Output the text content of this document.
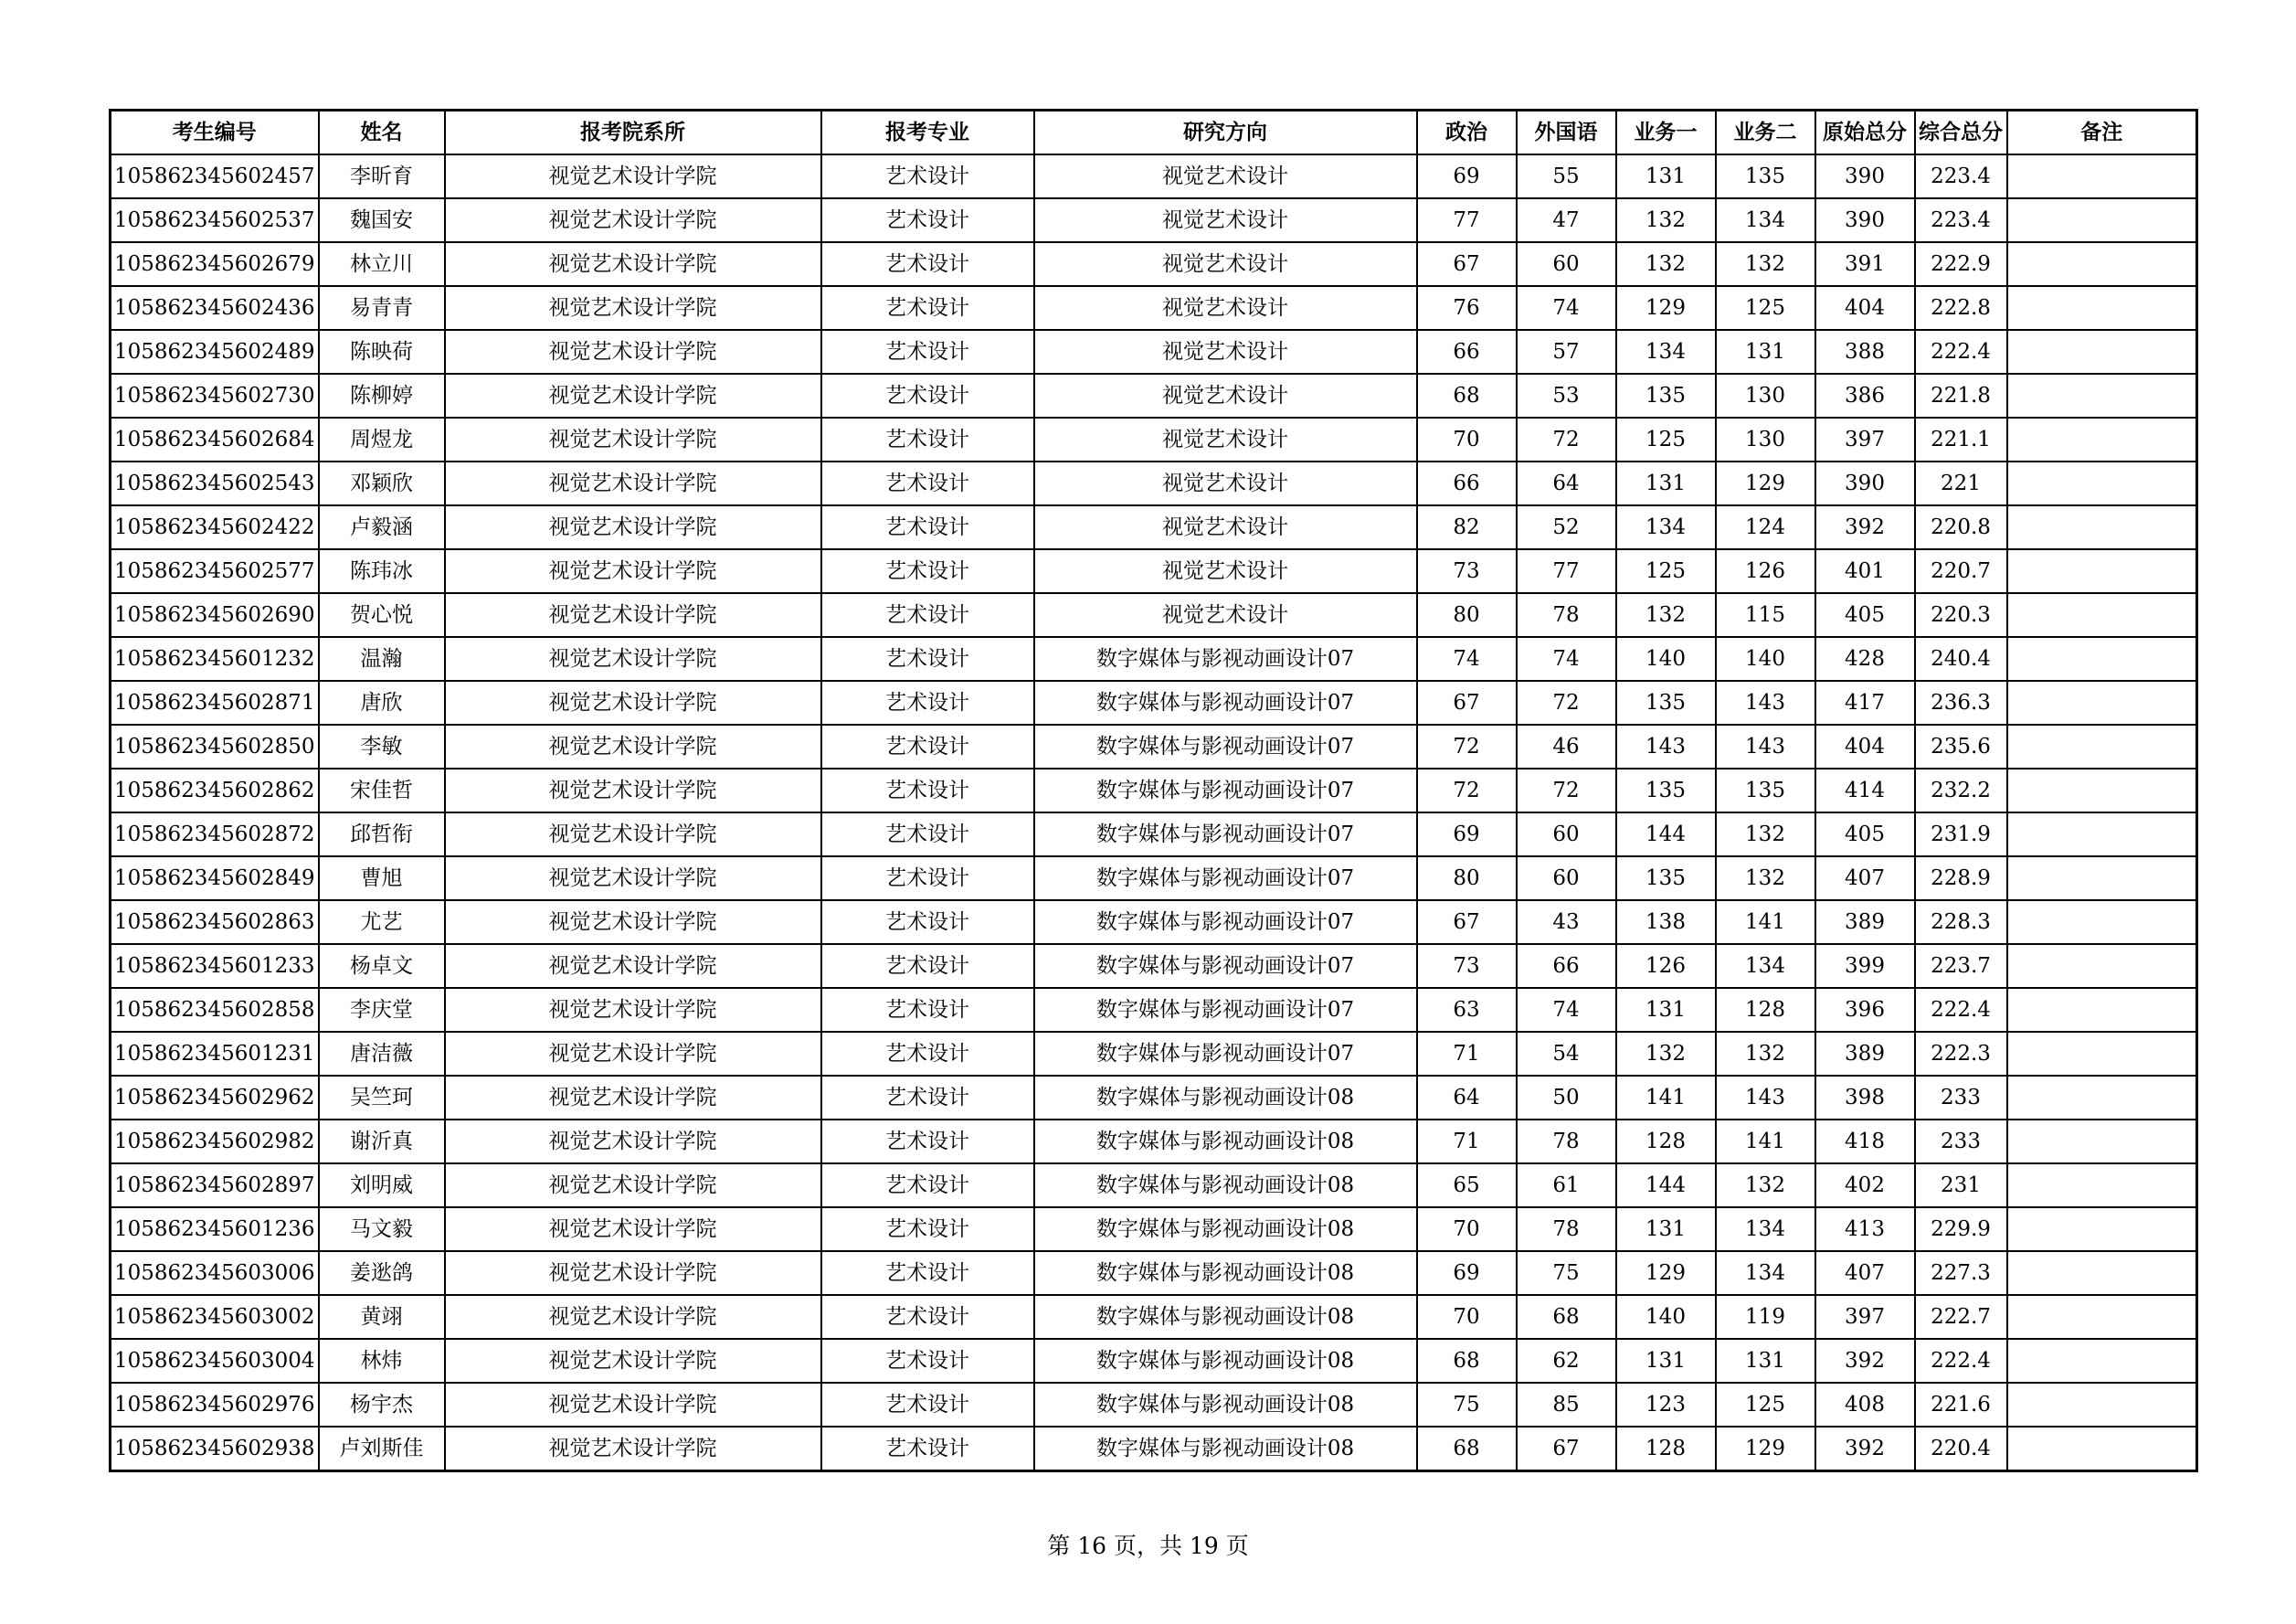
考生编号	姓名	报考院系所	报考专业	研究方向	政治	外国语	业务一	业务二	原始总分	综合总分	备注
105862345602457	李昕育	视觉艺术设计学院	艺术设计	视觉艺术设计	69	55	131	135	390	223.4	
105862345602537	魏国安	视觉艺术设计学院	艺术设计	视觉艺术设计	77	47	132	134	390	223.4	
105862345602679	林立川	视觉艺术设计学院	艺术设计	视觉艺术设计	67	60	132	132	391	222.9	
105862345602436	易青青	视觉艺术设计学院	艺术设计	视觉艺术设计	76	74	129	125	404	222.8	
105862345602489	陈映荷	视觉艺术设计学院	艺术设计	视觉艺术设计	66	57	134	131	388	222.4	
105862345602730	陈柳婷	视觉艺术设计学院	艺术设计	视觉艺术设计	68	53	135	130	386	221.8	
105862345602684	周煜龙	视觉艺术设计学院	艺术设计	视觉艺术设计	70	72	125	130	397	221.1	
105862345602543	邓颖欣	视觉艺术设计学院	艺术设计	视觉艺术设计	66	64	131	129	390	221	
105862345602422	卢毅涵	视觉艺术设计学院	艺术设计	视觉艺术设计	82	52	134	124	392	220.8	
105862345602577	陈玮冰	视觉艺术设计学院	艺术设计	视觉艺术设计	73	77	125	126	401	220.7	
105862345602690	贺心悦	视觉艺术设计学院	艺术设计	视觉艺术设计	80	78	132	115	405	220.3	
105862345601232	温瀚	视觉艺术设计学院	艺术设计	数字媒体与影视动画设计07	74	74	140	140	428	240.4	
105862345602871	唐欣	视觉艺术设计学院	艺术设计	数字媒体与影视动画设计07	67	72	135	143	417	236.3	
105862345602850	李敏	视觉艺术设计学院	艺术设计	数字媒体与影视动画设计07	72	46	143	143	404	235.6	
105862345602862	宋佳哲	视觉艺术设计学院	艺术设计	数字媒体与影视动画设计07	72	72	135	135	414	232.2	
105862345602872	邱哲衔	视觉艺术设计学院	艺术设计	数字媒体与影视动画设计07	69	60	144	132	405	231.9	
105862345602849	曹旭	视觉艺术设计学院	艺术设计	数字媒体与影视动画设计07	80	60	135	132	407	228.9	
105862345602863	尤艺	视觉艺术设计学院	艺术设计	数字媒体与影视动画设计07	67	43	138	141	389	228.3	
105862345601233	杨卓文	视觉艺术设计学院	艺术设计	数字媒体与影视动画设计07	73	66	126	134	399	223.7	
105862345602858	李庆堂	视觉艺术设计学院	艺术设计	数字媒体与影视动画设计07	63	74	131	128	396	222.4	
105862345601231	唐洁薇	视觉艺术设计学院	艺术设计	数字媒体与影视动画设计07	71	54	132	132	389	222.3	
105862345602962	吴竺珂	视觉艺术设计学院	艺术设计	数字媒体与影视动画设计08	64	50	141	143	398	233	
105862345602982	谢沂真	视觉艺术设计学院	艺术设计	数字媒体与影视动画设计08	71	78	128	141	418	233	
105862345602897	刘明威	视觉艺术设计学院	艺术设计	数字媒体与影视动画设计08	65	61	144	132	402	231	
105862345601236	马文毅	视觉艺术设计学院	艺术设计	数字媒体与影视动画设计08	70	78	131	134	413	229.9	
105862345603006	姜逖鸽	视觉艺术设计学院	艺术设计	数字媒体与影视动画设计08	69	75	129	134	407	227.3	
105862345603002	黄翊	视觉艺术设计学院	艺术设计	数字媒体与影视动画设计08	70	68	140	119	397	222.7	
105862345603004	林炜	视觉艺术设计学院	艺术设计	数字媒体与影视动画设计08	68	62	131	131	392	222.4	
105862345602976	杨宇杰	视觉艺术设计学院	艺术设计	数字媒体与影视动画设计08	75	85	123	125	408	221.6	
105862345602938	卢刘斯佳	视觉艺术设计学院	艺术设计	数字媒体与影视动画设计08	68	67	128	129	392	220.4	
第 16 页，共 19 页
